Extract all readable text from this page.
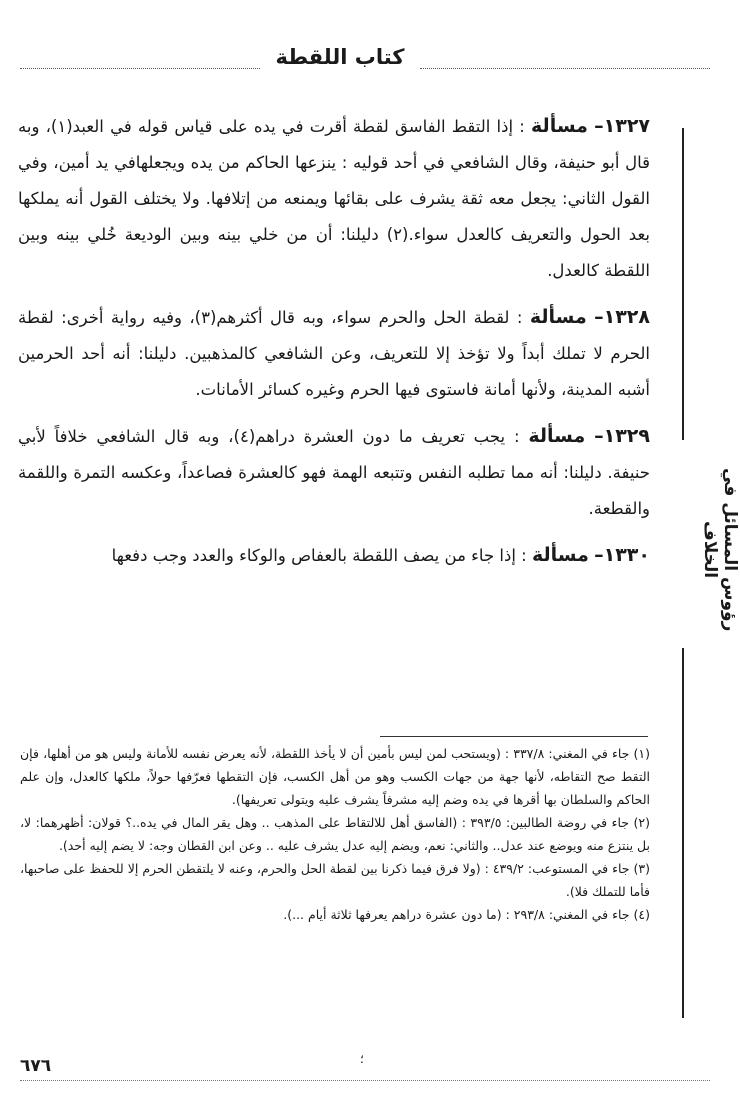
كتاب اللقطة
رؤوس المسائل في الخلاف

١٣٢٧– مسألة : إذا التقط الفاسق لقطة أقرت في يده على قياس قوله في العبد(١)، وبه قال أبو حنيفة، وقال الشافعي في أحد قوليه : ينزعها الحاكم من يده ويجعلهافي يد أمين، وفي القول الثاني: يجعل معه ثقة يشرف على بقائها ويمنعه من إتلافها. ولا يختلف القول أنه يملكها بعد الحول والتعريف كالعدل سواء.(٢) دليلنا: أن من خلي بينه وبين الوديعة خُلي بينه وبين اللقطة كالعدل.

١٣٢٨– مسألة : لقطة الحل والحرم سواء، وبه قال أكثرهم(٣)، وفيه رواية أخرى: لقطة الحرم لا تملك أبداً ولا تؤخذ إلا للتعريف، وعن الشافعي كالمذهبين. دليلنا: أنه أحد الحرمين أشبه المدينة، ولأنها أمانة فاستوى فيها الحرم وغيره كسائر الأمانات.

١٣٢٩– مسألة : يجب تعريف ما دون العشرة دراهم(٤)، وبه قال الشافعي خلافاً لأبي حنيفة. دليلنا: أنه مما تطلبه النفس وتتبعه الهمة فهو كالعشرة فصاعداً، وعكسه التمرة واللقمة والقطعة.

١٣٣٠– مسألة : إذا جاء من يصف اللقطة بالعفاص والوكاء والعدد وجب دفعها

(١) جاء في المغني: ٣٣٧/٨ : (ويستحب لمن ليس بأمين أن لا يأخذ اللقطة، لأنه يعرض نفسه للأمانة وليس هو من أهلها، فإن التقط صح التقاطه، لأنها جهة من جهات الكسب وهو من أهل الكسب، فإن التقطها فعرّفها حولاً، ملكها كالعدل، وإن علم الحاكم والسلطان بها أقرها في يده وضم إليه مشرفاً يشرف عليه ويتولى تعريفها).

(٢) جاء في روضة الطالبين: ٣٩٣/٥ : (الفاسق أهل للالتقاط على المذهب .. وهل يقر المال في يده..؟ قولان: أظهرهما: لا، بل ينتزع منه ويوضع عند عدل.. والثاني: نعم، ويضم إليه عدل يشرف عليه .. وعن ابن القطان وجه: لا يضم إليه أحد).

(٣) جاء في المستوعب: ٤٣٩/٢ : (ولا فرق فيما ذكرنا بين لقطة الحل والحرم، وعنه لا يلتقطن الحرم إلا للحفظ على صاحبها، فأما للتملك فلا).

(٤) جاء في المغني: ٢٩٣/٨ : (ما دون عشرة دراهم يعرفها ثلاثة أيام ...).

؛
٦٧٦
